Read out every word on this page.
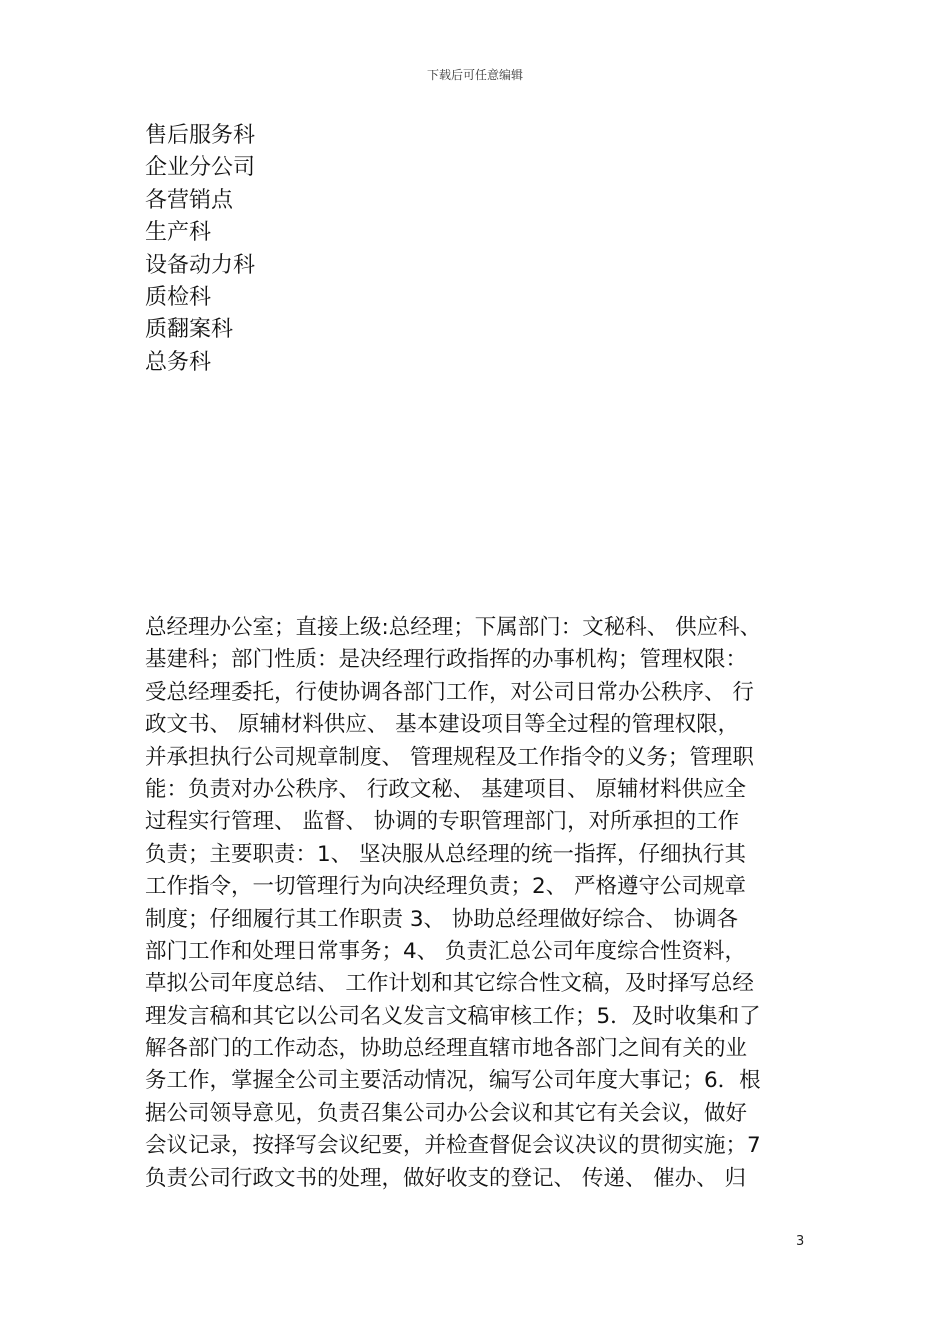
下载后可任意编辑
售后服务科
企业分公司
各营销点
生产科
设备动力科
质检科
质翻案科
总务科
总经理办公室；直接上级:总经理；下属部门：文秘科、 供应科、
基建科；部门性质：是决经理行政指挥的办事机构；管理权限：
受总经理委托，行使协调各部门工作，对公司日常办公秩序、 行
政文书、 原辅材料供应、 基本建设项目等全过程的管理权限，
并承担执行公司规章制度、 管理规程及工作指令的义务；管理职
能：负责对办公秩序、 行政文秘、 基建项目、 原辅材料供应全
过程实行管理、 监督、 协调的专职管理部门，对所承担的工作
负责；主要职责：1、 坚决服从总经理的统一指挥，仔细执行其
工作指令，一切管理行为向决经理负责；2、 严格遵守公司规章
制度；仔细履行其工作职责 3、 协助总经理做好综合、 协调各
部门工作和处理日常事务；4、 负责汇总公司年度综合性资料，
草拟公司年度总结、 工作计划和其它综合性文稿，及时择写总经
理发言稿和其它以公司名义发言文稿审核工作；5．及时收集和了
解各部门的工作动态，协助总经理直辖市地各部门之间有关的业
务工作，掌握全公司主要活动情况，编写公司年度大事记；6．根
据公司领导意见，负责召集公司办公会议和其它有关会议，做好
会议记录，按择写会议纪要，并检查督促会议决议的贯彻实施；7
负责公司行政文书的处理，做好收支的登记、 传递、 催办、 归
3
